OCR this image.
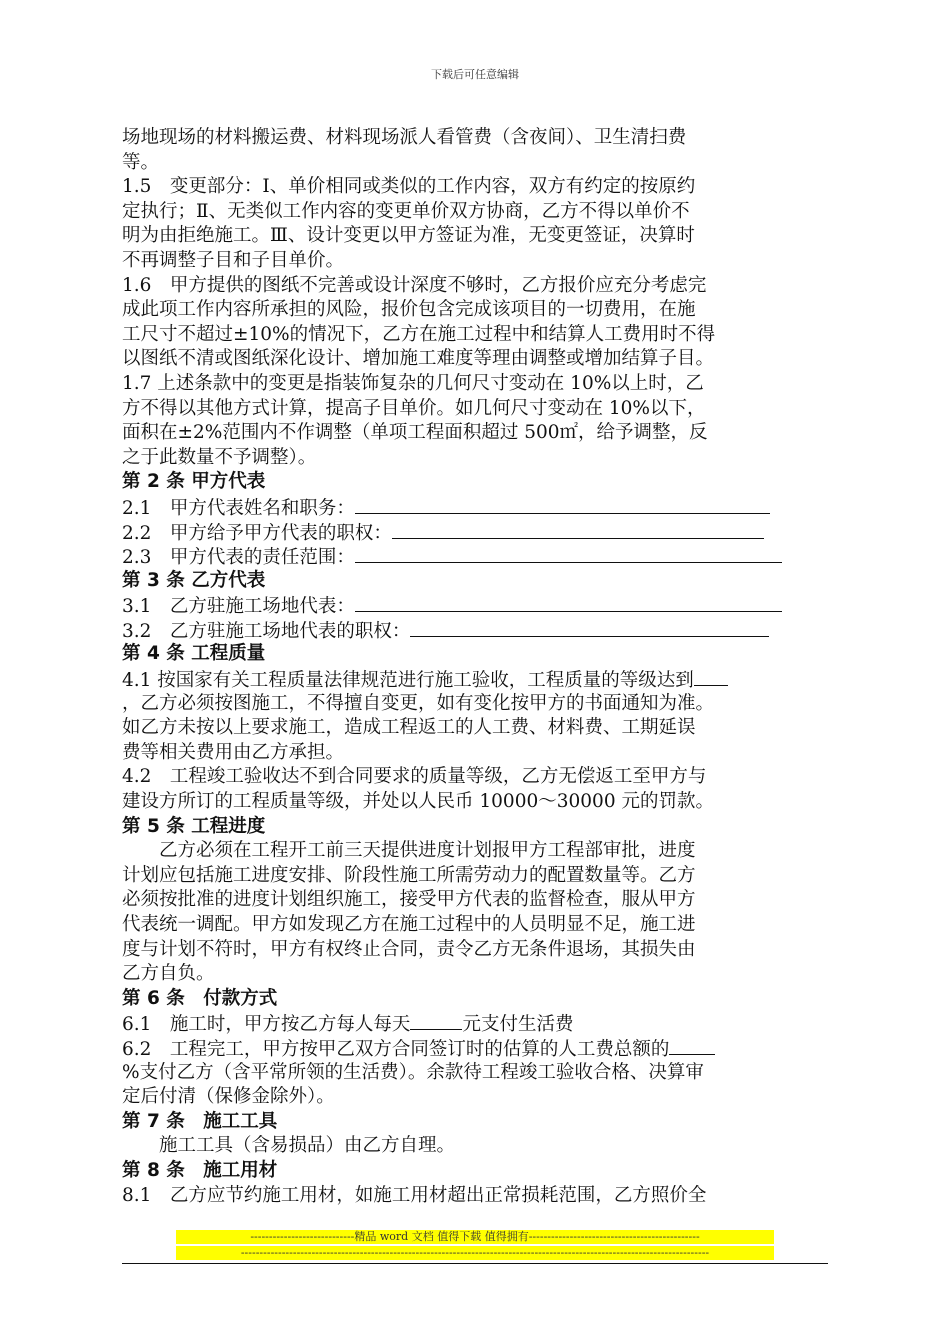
下载后可任意编辑
场地现场的材料搬运费、材料现场派人看管费（含夜间）、卫生清扫费
等。
1.5　变更部分：Ⅰ、单价相同或类似的工作内容，双方有约定的按原约
定执行；Ⅱ、无类似工作内容的变更单价双方协商，乙方不得以单价不
明为由拒绝施工。Ⅲ、设计变更以甲方签证为准，无变更签证，决算时
不再调整子目和子目单价。
1.6　甲方提供的图纸不完善或设计深度不够时，乙方报价应充分考虑完
成此项工作内容所承担的风险，报价包含完成该项目的一切费用，在施
工尺寸不超过±10%的情况下，乙方在施工过程中和结算人工费用时不得
以图纸不清或图纸深化设计、增加施工难度等理由调整或增加结算子目。
1.7 上述条款中的变更是指装饰复杂的几何尺寸变动在 10%以上时，乙
方不得以其他方式计算，提高子目单价。如几何尺寸变动在 10%以下，
面积在±2%范围内不作调整（单项工程面积超过 500㎡，给予调整，反
之于此数量不予调整）。
第 2 条 甲方代表
2.1　甲方代表姓名和职务：
2.2　甲方给予甲方代表的职权：
2.3　甲方代表的责任范围：
第 3 条 乙方代表
3.1　乙方驻施工场地代表：
3.2　乙方驻施工场地代表的职权：
第 4 条 工程质量
4.1 按国家有关工程质量法律规范进行施工验收，工程质量的等级达到
，乙方必须按图施工，不得擅自变更，如有变化按甲方的书面通知为准。
如乙方未按以上要求施工，造成工程返工的人工费、材料费、工期延误
费等相关费用由乙方承担。
4.2　工程竣工验收达不到合同要求的质量等级，乙方无偿返工至甲方与
建设方所订的工程质量等级，并处以人民币 10000～30000 元的罚款。
第 5 条 工程进度
乙方必须在工程开工前三天提供进度计划报甲方工程部审批，进度
计划应包括施工进度安排、阶段性施工所需劳动力的配置数量等。乙方
必须按批准的进度计划组织施工，接受甲方代表的监督检查，服从甲方
代表统一调配。甲方如发现乙方在施工过程中的人员明显不足，施工进
度与计划不符时，甲方有权终止合同，责令乙方无条件退场，其损失由
乙方自负。
第 6 条　付款方式
6.1　施工时，甲方按乙方每人每天	元支付生活费
6.2　工程完工，甲方按甲乙双方合同签订时的估算的人工费总额的
%支付乙方（含平常所领的生活费）。余款待工程竣工验收合格、决算审
定后付清（保修金除外）。
第 7 条　施工工具
施工工具（含易损品）由乙方自理。
第 8 条　施工用材
8.1　乙方应节约施工用材，如施工用材超出正常损耗范围，乙方照价全
----------------------------精品 word 文档 值得下载 值得拥有----------------------------------------------
------------------------------------------------------------------------------------------------------------------------------
